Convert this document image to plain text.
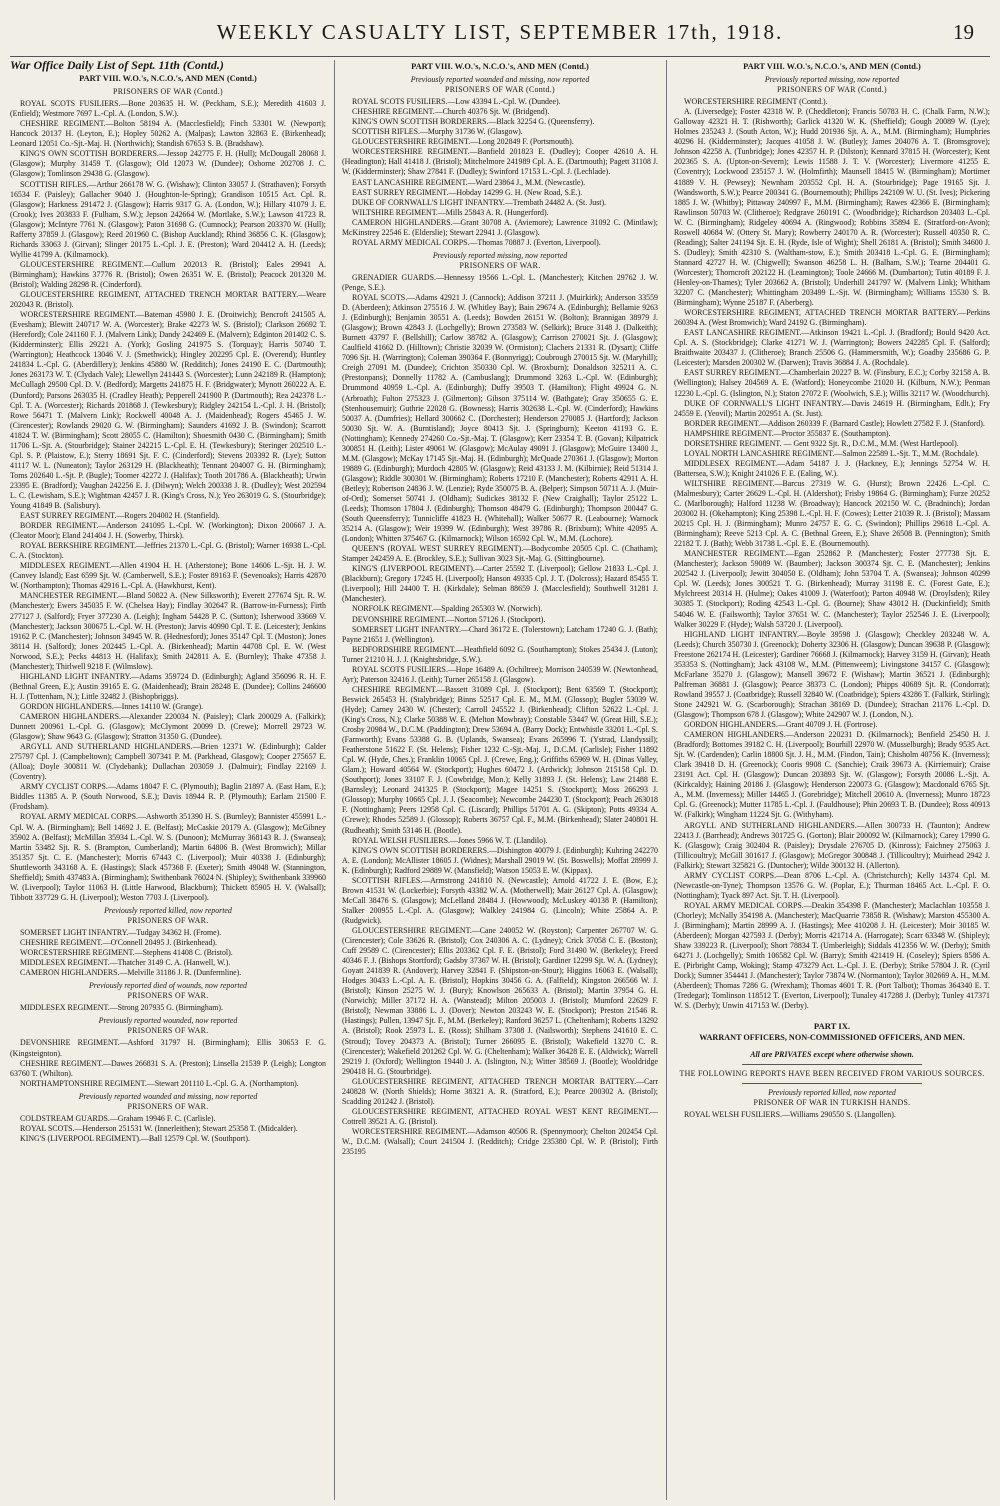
WEEKLY CASUALTY LIST, SEPTEMBER 17th, 1918.	19
War Office Daily List of Sept. 11th (Contd.)
PART VIII. W.O.'s, N.C.O.'s, AND MEN (Contd.)
PRISONERS OF WAR (Contd.)

ROYAL SCOTS FUSILIERS.—Bone 203635 H. W. (Peckham, S.E.); Meredith 41603 J. (Enfield); Westmore 7697 L.-Cpl. A. (London, S.W.).

CHESHIRE REGIMENT.—Bolton 58194 A. (Macclesfield); Finch 53301 W. (Newport); Hancock 20137 H. (Leyton, E.); Hopley 50262 A. (Malpas); Lawton 32863 E. (Birkenhead); Leonard 12051 Co.-Sjt.-Maj. H. (Northwich); Standish 67653 S. B. (Bradshaw).

KING'S OWN SCOTTISH BORDERERS.—Jessop 242775 F. H. (Hull); McDougall 28068 J. (Glasgow); Murphy 31459 T. (Glasgow); Old 12073 W. (Dundee); Osborne 202708 J. C. (Glasgow); Tomlinson 29438 G. (Glasgow).

SCOTTISH RIFLES.—Arthur 266178 W. G. (Wishaw); Clinton 33057 J. (Strathaven); Forsyth 16534 F. (Paisley); Gallacher 9040 J. (Houghton-le-Spring); Grandison 10515 Act. Cpl. R. (Glasgow); Harkness 291472 J. (Glasgow); Harris 9317 G. A. (London, W.); Hillary 41079 J. E. (Crook); Ives 203833 F. (Fulham, S.W.); Jepson 242664 W. (Mortlake, S.W.); Lawson 41723 R. (Glasgow); McIntyre 7761 N. (Glasgow); Paton 31698 G. (Cumnock); Pearson 203370 W. (Hull); Rafferty 37859 J. (Glasgow); Reed 201960 C. (Bishop Auckland); Rhind 36856 C. K. (Glasgow); Richards 33063 J. (Girvan); Slinger 20175 L.-Cpl. J. E. (Preston); Ward 204412 A. H. (Leeds); Wyllie 41799 A. (Kilmarnock).

GLOUCESTERSHIRE REGIMENT.—Cullum 202013 R. (Bristol); Eales 29941 A. (Birmingham); Hawkins 37776 R. (Bristol); Owen 26351 W. E. (Bristol); Peacock 201320 M. (Bristol); Walding 28298 R. (Cinderford).

GLOUCESTERSHIRE REGIMENT, ATTACHED TRENCH MORTAR BATTERY.—Weare 202043 R. (Bristol).

WORCESTERSHIRE REGIMENT.—Bateman 45980 J. E. (Droitwich); Bencroft 241505 A. (Evesham); Blewitt 240717 W. A. (Worcester); Brake 42273 W. S. (Bristol); Clarkson 26692 T. (Hereford); Cole 241160 F. J. (Malvern Link); Dandy 242469 E. (Malvern); Edginton 201402 C. S. (Kidderminster); Ellis 29221 A. (York); Gosling 241975 S. (Torquay); Harris 50740 T. (Warrington); Heathcock 13046 V. J. (Smethwick); Hingley 202295 Cpl. E. (Overend); Huntley 241834 L.-Cpl. G. (Aberdillery); Jenkins 45880 W. (Redditch); Jones 24190 E. C. (Dartmouth); Jones 263173 W. T. (Clydach Vale); Llewellyn 241443 S. (Worcester); Lunn 242189 R. (Hampton); McCullagh 29500 Cpl. D. V. (Bedford); Margetts 241875 H. F. (Bridgwater); Mynott 260222 A. E. (Dunford); Parsons 263035 H. (Cradley Heath); Pepperell 241900 P. (Dartmouth); Rea 242378 L.-Cpl. T. A. (Worcester); Richards 201868 J. (Tewkesbury); Ridgley 242154 L.-Cpl. J. H. (Bristol); Rowe 56471 T. (Malvern Link); Rockwell 40048 A. J. (Maidenhead); Rogers 45465 J. W. (Cirencester); Rowlands 29020 G. W. (Birmingham); Saunders 41692 J. B. (Swindon); Scarrott 41824 T. W. (Birmingham); Scott 28055 C. (Hamilton); Shoesmith 0430 C. (Birmingham); Smith 11706 L.-Sjt. A. (Stourbridge); Stainer 242215 L.-Cpl. E. H. (Tewkesbury); Steringer 202510 L.-Cpl. S. P. (Plaistow, E.); Sterry 18691 Sjt. F. C. (Cinderford); Stevens 203392 R. (Lye); Sutton 41117 W. L. (Nuneaton); Taylor 263129 H. (Blackheath); Tennant 204007 G. H. (Birmingham); Toms 202640 L.-Sjt. P. (Bugle); Toomer 42272 J. (Halifax); Tooth 201786 A. (Blackheath); Urwin 23395 E. (Bradford); Vaughan 242256 E. J. (Dilwyn); Welch 200338 J. R. (Dudley); West 202594 L. C. (Lewisham, S.E.); Wightman 42457 J. R. (King's Cross, N.); Yeo 263019 G. S. (Stourbridge); Young 41849 B. (Salisbury).

EAST SURREY REGIMENT.—Rogers 204002 H. (Stanfield).

BORDER REGIMENT.—Anderson 241095 L.-Cpl. W. (Workington); Dixon 200667 J. A. (Cleator Moor); Eland 241404 J. H. (Sowerby, Thirsk).

ROYAL BERKSHIRE REGIMENT.—Jeffries 21370 L.-Cpl. G. (Bristol); Warner 16938 L.-Cpl. C. A. (Stockton).

MIDDLESEX REGIMENT.—Allen 41904 H. H. (Atherstone); Bone 14606 L.-Sjt. H. J. W. (Canvey Island); East 6599 Sjt. W. (Camberwell, S.E.); Foster 89163 F. (Sevenoaks); Harris 42870 W. (Northampton); Thomas 42916 L.-Cpl. A. (Hawkhurst, Kent).

MANCHESTER REGIMENT.—Bland 50822 A. (New Silksworth); Everett 277674 Sjt. R. W. (Manchester); Ewers 345035 F. W. (Chelsea Hay); Findlay 302647 R. (Barrow-in-Furness); Firth 277127 J. (Salford); Fryer 377230 A. (Leigh); Ingham 54428 P. C. (Sutton); Isherwood 33669 V. (Manchester); Jackson 300675 L.-Cpl. W. H. (Preston); Jarvis 40990 Cpl. T. E. (Leicester); Jenkins 19162 P. C. (Manchester); Johnson 34945 W. R. (Hednesford); Jones 35147 Cpl. T. (Moston); Jones 38114 H. (Salford); Jones 202445 L.-Cpl. A. (Birkenhead); Martin 44708 Cpl. E. W. (West Norwood, S.E.); Pecks 44813 H. (Halifax); Smith 242811 A. E. (Burnley); Thake 47358 J. (Manchester); Thirlwell 9218 F. (Wilmslow).

HIGHLAND LIGHT INFANTRY.—Adams 359724 D. (Edinburgh); Agland 356096 R. H. F. (Bethnal Green, E.); Austin 39165 E. G. (Maidenhead); Brain 28248 E. (Dundee); Collins 246600 H. J. (Tottenham, N.); Little 32482 J. (Bishopbriggs).

GORDON HIGHLANDERS.—Innes 14110 W. (Grange).

CAMERON HIGHLANDERS.—Alexander 220034 N. (Paisley); Clark 200029 A. (Falkirk); Dunnett 200961 L.-Cpl. G. (Glasgow); McClymont 20099 D. (Crewe); Morrell 29723 W. (Glasgow); Shaw 9643 G. (Glasgow); Stratton 31350 G. (Dundee).

ARGYLL AND SUTHERLAND HIGHLANDERS.—Brien 12371 W. (Edinburgh); Calder 275797 Cpl. J. (Campbeltown); Campbell 307341 P. M. (Parkhead, Glasgow); Cooper 275657 E. (Alloa); Doyle 300811 W. (Clydebank); Dullachan 203059 J. (Dalmuir); Findlay 22169 J. (Coventry).

ARMY CYCLIST CORPS.—Adams 18047 F. C. (Plymouth); Baglin 21897 A. (East Ham, E.); Biddles 11385 A. P. (South Norwood, S.E.); Davis 18944 R. P. (Plymouth); Earlam 21500 F. (Frodsham).

ROYAL ARMY MEDICAL CORPS.—Ashworth 351390 H. S. (Burnley); Bannister 455991 L.-Cpl. W. A. (Birmingham); Bell 14692 J. E. (Belfast); McCaskie 20179 A. (Glasgow); McGibney 35902 A. (Belfast); McMillan 35934 L.-Cpl. W. S. (Dunoon); McMurray 368143 R. J. (Swansea); Martin 53482 Sjt. R. S. (Brampton, Cumberland); Martin 64806 B. (West Bromwich); Millar 351357 Sjt. C. E. (Manchester); Morris 67443 C. (Liverpool); Muir 40338 J. (Edinburgh); Shuttleworth 343168 A. E. (Hastings); Slack 457368 F. (Exeter); Smith 49048 W. (Stannington, Sheffield); Smith 437483 A. (Birmingham); Swithenbank 76024 N. (Shipley); Swithenbank 339960 W. (Liverpool); Taylor 11063 H. (Little Harwood, Blackburn); Thickett 85905 H. V. (Walsall); Tibbott 337729 G. H. (Liverpool); Weston 7703 J. (Liverpool).

Previously reported killed, now reported
PRISONERS OF WAR.

SOMERSET LIGHT INFANTRY.—Tudgay 34362 H. (Frome).

CHESHIRE REGIMENT.—O'Connell 20495 J. (Birkenhead).

WORCESTERSHIRE REGIMENT.—Stephens 41408 C. (Bristol).

MIDDLESEX REGIMENT.—Thatcher 3149 C. A. (Hanwell, W.).

CAMERON HIGHLANDERS.—Melville 31186 J. R. (Dunfermline).

Previously reported died of wounds, now reported
PRISONERS OF WAR.

MIDDLESEX REGIMENT.—Strong 207935 G. (Birmingham).

Previously reported wounded, now reported
PRISONERS OF WAR.

DEVONSHIRE REGIMENT.—Ashford 31797 H. (Birmingham); Ellis 30653 F. G. (Kingsteignton).

CHESHIRE REGIMENT.—Dawes 266831 S. A. (Preston); Linsella 21539 P. (Leigh); Longton 63760 T. (Whilton).

NORTHAMPTONSHIRE REGIMENT.—Stewart 201110 L.-Cpl. G. A. (Northampton).

Previously reported wounded and missing, now reported
PRISONERS OF WAR.

COLDSTREAM GUARDS.—Graham 19946 F. C. (Carlisle).

ROYAL SCOTS.—Henderson 251531 W. (Innerleithen); Stewart 25358 T. (Midcalder).

KING'S (LIVERPOOL REGIMENT).—Ball 12579 Cpl. W. (Southport).

PART VIII. W.O.'s, N.C.O.'s, AND MEN (Contd.)
Previously reported wounded and missing, now reported
PRISONERS OF WAR (Contd.)

ROYAL SCOTS FUSILIERS.—Low 43394 L.-Cpl. W. (Dundee).

CHESHIRE REGIMENT.—Church 40376 Sjt. W. (Bridgend).

KING'S OWN SCOTTISH BORDERERS.—Black 32254 G. (Queensferry).

SCOTTISH RIFLES.—Murphy 31736 W. (Glasgow).

GLOUCESTERSHIRE REGIMENT.—Long 202849 F. (Portsmouth).

WORCESTERSHIRE REGIMENT.—Banfield 201823 E. (Dudley); Cooper 42610 A. H. (Headington); Hall 41418 J. (Bristol); Mitchelmore 241989 Cpl. A. E. (Dartmouth); Pagett 31108 J. W. (Kidderminster); Shaw 27841 F. (Dudley); Swinford 17153 L.-Cpl. J. (Lechlade).

EAST LANCASHIRE REGIMENT.—Ward 23864 J., M.M. (Newcastle).

EAST SURREY REGIMENT.—Hobday 14299 G. H. (New Road, S.E.).

DUKE OF CORNWALL'S LIGHT INFANTRY.—Trembath 24482 A. (St. Just).

WILTSHIRE REGIMENT.—Mills 25843 A. R. (Hungerford).

CAMERON HIGHLANDERS.—Grant 30708 A. (Aviemore); Lawrence 31092 C. (Mintlaw); McKinstrey 22546 E. (Elderslie); Stewart 22941 J. (Glasgow).

ROYAL ARMY MEDICAL CORPS.—Thomas 70887 J. (Everton, Liverpool).

Previously reported missing, now reported
PRISONERS OF WAR.

GRENADIER GUARDS.—Hennessy 19566 L.-Cpl. L. (Manchester); Kitchen 29762 J. W. (Penge, S.E.).

ROYAL SCOTS.—Adams 42921 J. (Cannock); Addison 37211 J. (Muirkirk); Anderson 33559 D. (Aberdeen); Atkinson 275516 J. W. (Whitley Bay); Bain 29674 A. (Edinburgh); Bellamie 9263 J. (Edinburgh); Benjamin 30551 A. (Leeds); Bowden 26151 W. (Bolton); Brannigan 38979 J. (Glasgow); Brown 42843 J. (Lochgelly); Brown 273583 W. (Selkirk); Bruce 3148 J. (Dalkeith); Burnett 43797 F. (Bellshill); Carlow 38782 A. (Glasgow); Carrison 270021 Sjt. J. (Glasgow); Caulfield 41662 D. (Hilltown); Christie 32039 W. (Ormiston); Clachers 21331 R. (Dysart); Cliffe 7096 Sjt. H. (Warrington); Coleman 390364 F. (Bonnyrigg); Coubrough 270015 Sjt. W. (Maryhill); Creigh 27091 M. (Dundee); Crichton 350330 Cpl. W. (Broxburn); Donaldson 325211 A. C. (Prestonpans); Donnelly 11782 A. (Cambuslang); Drummond 3263 L.-Cpl. W. (Edinburgh); Drummond 40959 L.-Cpl. A. (Edinburgh); Duffy 39503 T. (Hamilton); Flight 49924 G. N. (Arbroath); Fulton 275323 J. (Gilmerton); Gibson 375114 W. (Bathgate); Gray 350655 G. E. (Stenhousemuir); Guthrie 22028 G. (Bowness); Harris 302638 L.-Cpl. W. (Cinderford); Hawkins 50037 A. (Dumfries); Hellard 300662 C. (Dorchester); Henderson 270085 J. (Hartford); Jackson 50030 Sjt. W. A. (Burntisland); Joyce 80413 Sjt. J. (Springburn); Keeton 41193 G. E. (Nottingham); Kennedy 274260 Co.-Sjt.-Maj. T. (Glasgow); Kerr 23354 T. B. (Govan); Kilpatrick 300851 H. (Leith); Lister 49061 W. (Glasgow); McAulay 49091 J. (Glasgow); McGuire 13400 J., M.M. (Glasgow); McKay 17145 Sjt.-Maj. H. (Edinburgh); McQuade 270361 J. (Glasgow); Morton 19889 G. (Edinburgh); Murdoch 42805 W. (Glasgow); Reid 43133 J. M. (Kilbirnie); Reid 51314 J. (Glasgow); Riddle 300301 W. (Birmingham); Roberts 17210 F. (Manchester); Roberts 42911 A. H. (Betley); Robertson 24836 J. W. (Lenzie); Ryde 350075 B. A. (Belper); Simpson 50711 A. J. (Muir-of-Ord); Somerset 50741 J. (Oldham); Sudickes 38132 F. (New Craighall); Taylor 25122 L. (Leeds); Thomson 17804 J. (Edinburgh); Thomson 48479 G. (Edinburgh); Thompson 200447 G. (South Queensferry); Tunnicliffe 41823 H. (Whitehall); Walker 50677 R. (Leabourne); Warnock 35214 A. (Glasgow); Weir 19399 W. (Edinburgh); West 39786 R. (Brixburn); White 42095 A. (London); Whitten 375467 G. (Kilmarnock); Wilson 16592 Cpl. W., M.M. (Lochore).

QUEEN'S (ROYAL WEST SURREY REGIMENT).—Bodycombe 20505 Cpl. C. (Chatham); Stamper 242459 A. E. (Brockley, S.E.); Sullivan 3023 Sjt.-Maj. G. (Sittingbourne).

KING'S (LIVERPOOL REGIMENT).—Carter 25592 T. (Liverpool); Gellow 21833 L.-Cpl. J. (Blackburn); Gregory 17245 H. (Liverpool); Hanson 49335 Cpl. J. T. (Dolcross); Hazard 85455 T. (Liverpool); Hill 24400 T. H. (Kirkdale); Selman 88659 J. (Macclesfield); Southwell 31281 J. (Manchester).

NORFOLK REGIMENT.—Spalding 265303 W. (Norwich).

DEVONSHIRE REGIMENT.—Norton 57126 J. (Stockport).

SOMERSET LIGHT INFANTRY.—Chard 36172 E. (Tolerstown); Latcham 17240 G. J. (Bath); Payne 21651 J. (Wellington).

BEDFORDSHIRE REGIMENT.—Heathfield 6092 G. (Southampton); Stokes 25434 J. (Luton); Turner 21210 H. J. J. (Knightsbridge, S.W.).

ROYAL SCOTS FUSILIERS.—Hope 16489 A. (Ochiltree); Morrison 240539 W. (Newtonhead, Ayr); Paterson 32416 J. (Leith); Turner 265158 J. (Glasgow).

CHESHIRE REGIMENT.—Bassett 31089 Cpl. J. (Stockport); Bent 63569 T. (Stockport); Beswick 265453 H. (Stalybridge); Binns 52517 Cpl. E. M., M.M. (Glossop); Bugler 53039 W. (Hyde); Carney 2430 W. (Chester); Carroll 245522 J. (Birkenhead); Clifton 52622 L.-Cpl. J. (King's Cross, N.); Clarke 50388 W. E. (Melton Mowbray); Constable 53447 W. (Great Hill, S.E.); Crosby 20984 W., D.C.M. (Paddington); Drew 53694 A. (Barry Dock); Entwhistle 33201 L.-Cpl. S. (Farnworth); Evans 53388 G. B. (Uplands, Swansea); Evans 265996 T. (Ystrad, Llandyssil); Featherstone 51622 F. (St. Helens); Fisher 1232 C.-Sjt.-Maj. J., D.C.M. (Carlisle); Fisher 11892 Cpl. W. (Hyde, Ches.); Franklin 10065 Cpl. J. (Crewe, Eng.); Griffiths 65969 W. H. (Dinas Valley, Glam.); Howard 40564 W. (Stockport); Hughes 60472 J. (Ardwick); Johnson 215158 Cpl. D. (Southport); Jones 33107 F. J. (Cowbridge, Mon.); Kelly 31893 J. (St. Helens); Law 21488 E. (Barnsley); Leonard 241325 P. (Stockport); Magee 14251 S. (Stockport); Moss 266293 J. (Glossop); Murphy 10665 Cpl. J. J. (Seacombe); Newcombe 244230 T. (Stockport); Peach 263018 F. (Nottingham); Peers 12958 Cpl. C. (Liscard); Phillips 51701 A. G. (Skipton); Potts 49334 A. (Crewe); Rhodes 52589 J. (Glossop); Roberts 36757 Cpl. F., M.M. (Birkenhead); Slater 240801 H. (Rudheath); Smith 53146 H. (Bootle).

ROYAL WELSH FUSILIERS.—Jones 5966 W. T. (Llandilo).

KING'S OWN SCOTTISH BORDERERS.—Dishington 40079 J. (Edinburgh); Kuhring 242270 A. E. (London); McAllister 18605 J. (Widnes); Marshall 29019 W. (St. Boswells); Moffat 28999 J. K. (Edinburgh); Radford 29889 W. (Mansfield); Watson 15053 E. W. (Kippax).

SCOTTISH RIFLES.—Armstrong 241810 N. (Newcastle); Arnold 41722 J. E. (Bow, E.); Brown 41531 W. (Lockerbie); Forsyth 43382 W. A. (Motherwell); Mair 26127 Cpl. A. (Glasgow); McCall 38476 S. (Glasgow); McLelland 28484 J. (Howwood); McLuskey 40138 P. (Hamilton); Stalker 200955 L.-Cpl. A. (Glasgow); Walkley 241984 G. (Lincoln); White 25864 A. P. (Rudgwick).

GLOUCESTERSHIRE REGIMENT.—Cane 240052 W. (Royston); Carpenter 267707 W. G. (Cirencester); Cole 33626 R. (Bristol); Cox 240306 A. C. (Lydney); Crick 37058 C. E. (Boston); Cuff 29589 C. (Cirencester); Ellis 203362 Cpl. F. E. (Bristol); Ford 31490 W. (Berkeley); Freed 40346 F. J. (Bishops Stortford); Gadsby 37367 W. H. (Bristol); Gardiner 12299 Sjt. W. A. (Lydney); Goyatt 241839 R. (Andover); Harvey 32841 F. (Shipston-on-Stour); Higgins 16063 E. (Walsall); Hodges 30433 L.-Cpl. A. E. (Bristol); Hopkins 30456 G. A. (Falfield); Kingston 266566 W. J. (Bristol); Kinson 25275 W. J. (Bury); Knowlson 265633 A. (Bristol); Martin 37954 G. H. (Norwich); Miller 37172 H. A. (Wanstead); Milton 205003 J. (Bristol); Mumford 22629 F. (Bristol); Newman 33886 L. J. (Dover); Newton 203243 W. E. (Stockport); Preston 21546 R. (Hastings); Pullen, 13947 Sjt. F., M.M. (Berkeley); Ranford 36257 L. (Cheltenham); Roberts 13292 A. (Bristol); Rook 25973 L. E. (Ross); Shilham 37308 J. (Nailsworth); Stephens 241610 E. C. (Stroud); Tovey 204373 A. (Bristol); Turner 266095 E. (Bristol); Wakefield 13270 C. R. (Cirencester); Wakefield 201262 Cpl. W. G. (Cheltenham); Walker 36428 E. E. (Aldwick); Warrell 29219 J. (Oxford); Wellington 19440 J. A. (Islington, N.); Witter 38569 J. (Bootle); Wooldridge 290418 H. G. (Stourbridge).

GLOUCESTERSHIRE REGIMENT, ATTACHED TRENCH MORTAR BATTERY.—Carr 240828 W. (North Shields); Horne 38321 A. R. (Stratford, E.); Pearce 200302 A. (Bristol); Scadding 201242 J. (Bristol).

GLOUCESTERSHIRE REGIMENT, ATTACHED ROYAL WEST KENT REGIMENT.—Cottrell 39521 A. G. (Bristol).

WORCESTERSHIRE REGIMENT.—Adamson 40506 R. (Spennymoor); Chelton 202454 Cpl. W., D.C.M. (Walsall); Court 241504 J. (Redditch); Cridge 235380 Cpl. W. P. (Bristol); Firth 235195

PART VIII. W.O.'s, N.C.O.'s, AND MEN (Contd.)
Previously reported missing, now reported
PRISONERS OF WAR (Contd.)

WORCESTERSHIRE REGIMENT (Contd.).

A. (Liversedge); Foster 42318 W. P. (Cheddleton); Francis 50783 H. C. (Chalk Farm, N.W.); Galloway 42321 H. T. (Rishworth); Garlick 41320 W. K. (Sheffield); Gough 20089 W. (Lye); Holmes 235243 J. (South Acton, W.); Hudd 201936 Sjt. A. A., M.M. (Birmingham); Humphries 40296 H. (Kidderminster); Jacques 41058 J. W. (Butley); James 204076 A. T. (Bromsgrove); Johnson 42258 A. (Tunbridge); Jones 42357 H. P. (Dilston); Kennard 37815 H. (Worcester); Kent 202365 S. A. (Upton-on-Severn); Lewis 11588 J. T. V. (Worcester); Livermore 41255 E. (Coventry); Lockwood 235157 J. W. (Holmfirth); Maunsell 18415 W. (Birmingham); Mortimer 41889 V. H. (Pewsey); Newnham 203552 Cpl. H. A. (Stourbridge); Page 19165 Sjt. J. (Wandsworth, S.W.); Pearce 200341 G. (Bournemouth); Phillips 242109 W. U. (St. Ives); Pickering 1885 J. W. (Whitby); Pittaway 240997 F., M.M. (Birmingham); Rawes 42366 E. (Birmingham); Rawlinson 50703 W. (Clitheroe); Redgrave 260191 C. (Woodbridge); Richardson 203403 L.-Cpl. W. C. (Birmingham); Ridgeley 40694 A. (Ringwood); Robbins 35894 E. (Stratford-on-Avon); Roswell 40684 W. (Ottery St. Mary); Rowberry 240170 A. R. (Worcester); Russell 40350 R. C. (Reading); Salter 241194 Sjt. E. H. (Ryde, Isle of Wight); Shell 26181 A. (Bristol); Smith 34600 J. S. (Dudley); Smith 42310 S. (Waltham-stow, E.); Smith 203418 L.-Cpl. G. E. (Birmingham); Stannard 42727 H. W. (Chigwell); Swanson 46258 L. H. (Balham, S.W.); Tearne 204401 G. (Worcester); Thorncroft 202122 H. (Leamington); Toole 24666 M. (Dumbarton); Tutin 40189 F. J. (Henley-on-Thames); Tyler 203662 A. (Bristol); Underhill 241797 W. (Malvern Link); Whitham 32207 C. (Manchester); Whittingham 203499 L.-Sjt. W. (Birmingham); Williams 15530 S. B. (Birmingham); Wynne 25187 F. (Aberberg).

WORCESTERSHIRE REGIMENT, ATTACHED TRENCH MORTAR BATTERY.—Perkins 260394 A. (West Bromwich); Ward 24192 G. (Birmingham).

EAST LANCASHIRE REGIMENT.—Atkinson 19421 L.-Cpl. J. (Bradford); Bould 9420 Act. Cpl. A. S. (Stockbridge); Clarke 41271 W. J. (Warrington); Bowers 242285 Cpl. F. (Salford); Braithwaite 203437 J. (Clitheroe); Branch 25506 G. (Hammersmith, W.); Goadby 235686 G. P. (Leicester); Marsden 200302 W. (Darwen); Travis 36884 J. A. (Rochdale).

EAST SURREY REGIMENT.—Chamberlain 20227 B. W. (Finsbury, E.C.); Corby 32158 A. B. (Wellington); Halsey 204569 A. E. (Watford); Honeycombe 21020 H. (Kilburn, N.W.); Penman 12230 L.-Cpl. G. (Islington, N.); Staton 27072 F. (Woolwich, S.E.); Willis 32117 W. (Woodchurch).

DUKE OF CORNWALL'S LIGHT INFANTRY.—Davis 24619 H. (Birmingham, Edlt.); Fry 24559 E. (Yeovil); Martin 202951 A. (St. Just).

BORDER REGIMENT.—Addison 260339 F. (Barnard Castle); Howlett 27582 F. J. (Stanford).

HAMPSHIRE REGIMENT.—Proctor 355837 E. (Southampton).

DORSETSHIRE REGIMENT. — Gent 9322 Sjt. R., D.C.M., M.M. (West Hartlepool).

LOYAL NORTH LANCASHIRE REGIMENT.—Salmon 22589 L.-Sjt. T., M.M. (Rochdale).

MIDDLESEX REGIMENT.—Adam 54187 J. J. (Hackney, E.); Jennings 52754 W. H. (Battersea, S.W.); Knight 241026 F. E. (Ealing, W.).

WILTSHIRE REGIMENT.—Barcus 27319 W. G. (Hurst); Brown 22426 L.-Cpl. C. (Malmesbury); Carter 26629 L.-Cpl. H. (Aldershot); Frisby 19864 G. (Birmingham); Furze 20252 C. (Marlborough); Halford 11238 W. (Broadway); Hancock 202150 W. C. (Bradninch); Jordan 203002 H. (Okehampton); King 25398 L.-Cpl. H. F. (Cowes); Letter 21039 R. J. (Bristol); Massam 20215 Cpl. H. J. (Birmingham); Munro 24757 E. G. C. (Swindon); Phillips 29618 L.-Cpl. A. (Birmingham); Reeve 5213 Cpl. A. C. (Bethnal Green, E.); Shave 26508 B. (Pennington); Smith 22182 T. J. (Bath); Webb 31738 L.-Cpl. E. E. (Bournemouth).

MANCHESTER REGIMENT.—Egan 252862 P. (Manchester); Foster 277738 Sjt. E. (Manchester); Jackson 59089 W. (Baumber); Jackson 300374 Sjt. C. E. (Manchester); Jenkins 202542 J. (Liverpool); Jewitt 304050 E. (Oldham); John 53704 T. A. (Swansea); Johnson 40299 Cpl. W. (Leeds); Jones 300521 T. G. (Birkenhead); Murray 31198 E. C. (Forest Gate, E.); Mylchreest 20314 H. (Hulme); Oakes 41009 J. (Waterfoot); Parton 40948 W. (Droylsden); Riley 30385 T. (Stockport); Roding 42543 L.-Cpl. G. (Bourne); Shaw 43012 H. (Duckinfield); Smith 54046 W. E. (Failsworth); Taylor 37651 W. C. (Manchester); Taylor 252546 J. E. (Liverpool); Walker 30229 F. (Hyde); Walsh 53720 J. (Liverpool).

HIGHLAND LIGHT INFANTRY.—Boyle 39598 J. (Glasgow); Checkley 203248 W. A. (Leeds); Church 350730 J. (Greenock); Doherty 32306 H. (Glasgow); Duncan 39638 P. (Glasgow); Freestone 262174 H. (Leicester); Gardiner 76668 J. (Kilmarnock); Harvey 3159 H. (Girvan); Heath 353353 S. (Nottingham); Jack 43108 W., M.M. (Pittenweem); Livingstone 34157 C. (Glasgow); McFarlane 35270 J. (Glasgow); Mansell 39672 F. (Wishaw); Martin 36521 J. (Edinburgh); Palfreman 36881 J. (Glasgow); Pearce 38373 C. (London); Phipps 40689 Sjt. R. (Condorrat); Rowland 39557 J. (Coatbridge); Russell 32840 W. (Coatbridge); Spiers 43286 T. (Falkirk, Stirling); Stone 242921 W. G. (Scarborough); Strachan 38169 D. (Dundee); Strachan 21176 L.-Cpl. D. (Glasgow); Thompson 678 J. (Glasgow); White 242907 W. J. (London, N.).

GORDON HIGHLANDERS.—Grant 40709 J. H. (Fortrose).

CAMERON HIGHLANDERS.—Anderson 220231 D. (Kilmarnock); Benfield 25450 H. J. (Bradford); Bottomes 39182 C. H. (Liverpool); Bourhill 22970 W. (Musselburgh); Brady 9535 Act. Sjt. W. (Cardenden); Carlin 18800 Sjt. J. H., M.M. (Findon, Tain); Chisholm 40756 K. (Inverness); Clark 39418 D. H. (Greenock); Cooris 9908 C. (Sanchie); Craik 39673 A. (Kirriemuir); Craise 23191 Act. Cpl. H. (Glasgow); Duncan 203893 Sjt. W. (Glasgow); Forsyth 20086 L.-Sjt. A. (Kirkcaldy); Haining 20186 J. (Glasgow); Henderson 220073 G. (Glasgow); Macdonald 6765 Sjt. A., M.M. (Inverness); Miller 14465 J. (Gorebridge); Mitchell 20610 A. (Inverness); Munro 18723 Cpl. G. (Greenock); Mutter 11785 L.-Cpl. J. (Fauldhouse); Phin 20693 T. B. (Dundee); Ross 40913 W. (Falkirk); Wingham 11224 Sjt. G. (Withyham).

ARGYLL AND SUTHERLAND HIGHLANDERS.—Allen 300733 H. (Taunton); Andrew 22413 J. (Barrhead); Andrews 301725 G. (Gorton); Blair 200092 W. (Kilmarnock); Carey 17990 G. K. (Glasgow); Craig 302404 R. (Paisley); Drysdale 276705 D. (Kinross); Faichney 275063 J. (Tillicoultry); McGill 301617 J. (Glasgow); McGregor 300848 J. (Tillicoultry); Muirhead 2942 J. (Falkirk); Stewart 325821 G. (Duntocher); Wilde 300132 H. (Allerton).

ARMY CYCLIST CORPS.—Dean 8706 L.-Cpl. A. (Christchurch); Kelly 14374 Cpl. M. (Newcastle-on-Tyne); Thompson 13576 G. W. (Poplar, E.); Thurman 18465 Act. L.-Cpl. F. O. (Nottingham); Tyack 897 Act. Sjt. T. H. (Liverpool).

ROYAL ARMY MEDICAL CORPS.—Deakin 354398 F. (Manchester); Maclachlan 103558 J. (Chorley); McNally 354198 A. (Manchester); MacQuarrie 73858 R. (Wishaw); Marston 455300 A. J. (Birmingham); Martin 28999 A. J. (Hastings); Mee 410208 J. H. (Leicester); Moir 30185 W. (Aberdeen); Morgan 427593 J. (Derby); Morris 421714 A. (Harrogate); Scarr 63348 W. (Shipley); Shaw 339223 R. (Liverpool); Short 78834 T. (Umberleigh); Siddals 412356 W. W. (Derby); Smith 64271 J. (Lochgelly); Smith 106582 Cpl. W. (Barry); Smith 421419 H. (Coseley); Spiers 8586 A. E. (Pirbright Camp, Woking); Stamp 473279 Act. L.-Cpl. J. E. (Derby); Strike 57804 J. R. (Cyril Dock); Sumner 354441 J. (Manchester); Taylor 73874 W. (Normanton); Taylor 302669 A. H., M.M. (Aberdeen); Thomas 7286 G. (Wrexham); Thomas 4601 T. R. (Port Talbot); Thomas 364340 E. T. (Tredegar); Tomlinson 118512 T. (Everton, Liverpool); Tunaley 417288 J. (Derby); Tunley 417371 W. S. (Derby); Unwin 417153 W. (Derby).

PART IX.
WARRANT OFFICERS, NON-COMMISSIONED OFFICERS, AND MEN.
All are PRIVATES except where otherwise shown.
THE FOLLOWING REPORTS HAVE BEEN RECEIVED FROM VARIOUS SOURCES.
Previously reported killed, now reported
PRISONER OF WAR IN TURKISH HANDS.

ROYAL WELSH FUSILIERS.—Williams 290550 S. (Llangollen).
